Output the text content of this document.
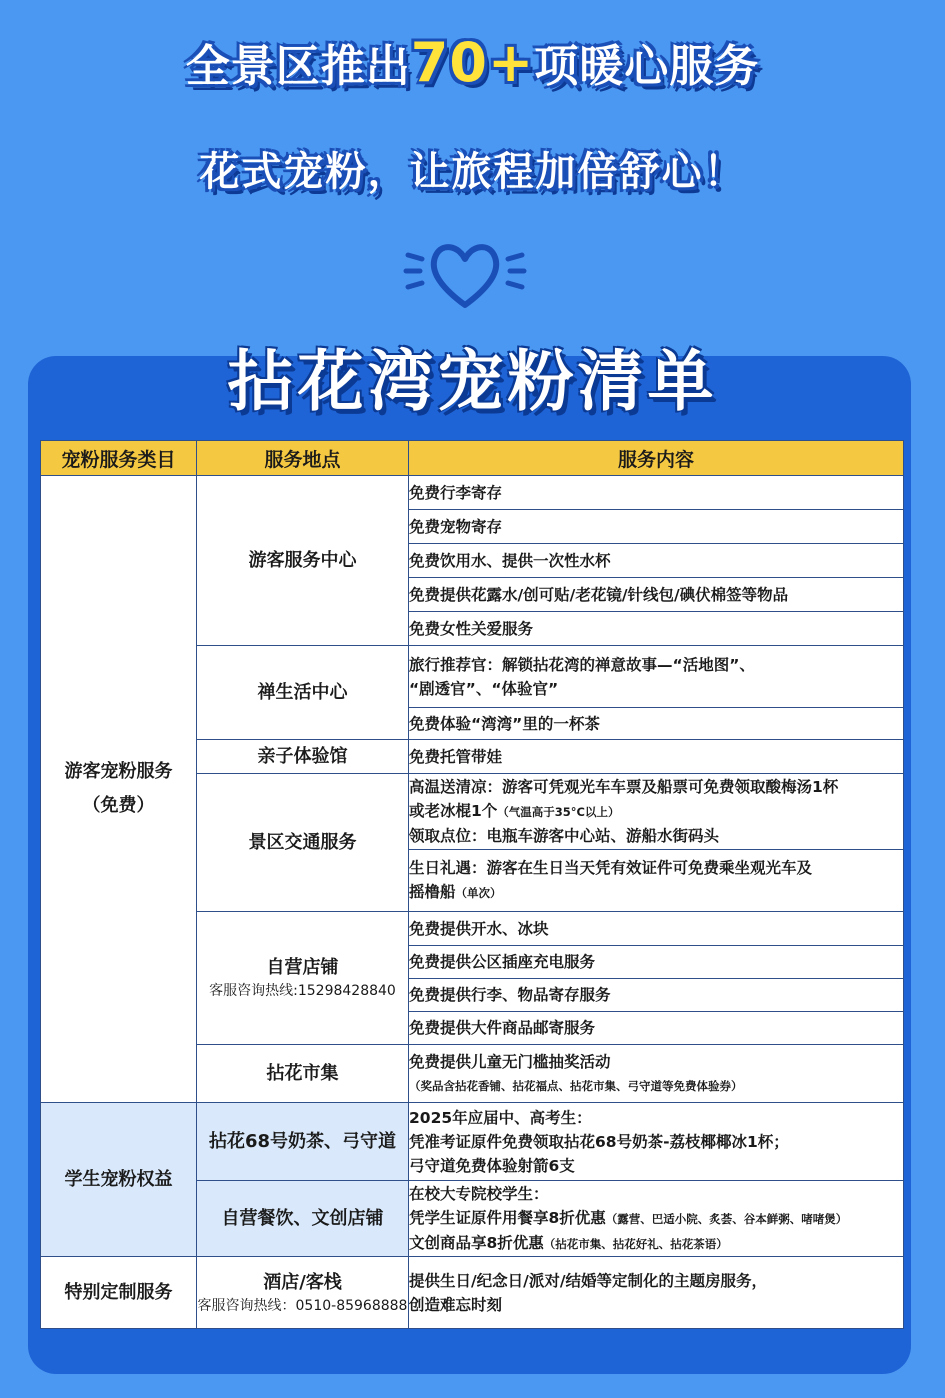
全景区推出70+项暖心服务
花式宠粉，让旅程加倍舒心！
拈花湾宠粉清单
宠粉服务类目	服务地点	服务内容

游客宠粉服务
（免费）	游客服务中心	免费行李寄存
		免费宠物寄存
		免费饮用水、提供一次性水杯
		免费提供花露水/创可贴/老花镜/针线包/碘伏棉签等物品
		免费女性关爱服务
	禅生活中心	旅行推荐官：解锁拈花湾的禅意故事—“活地图”、
“剧透官”、“体验官”

		免费体验“湾湾”里的一杯茶
	亲子体验馆	免费托管带娃
	景区交通服务	高温送清凉：游客可凭观光车车票及船票可免费领取酸梅汤1杯
或老冰棍1个（气温高于35°C以上）
领取点位：电瓶车游客中心站、游船水街码头

		生日礼遇：游客在生日当天凭有效证件可免费乘坐观光车及
摇橹船（单次）

	自营店铺
客服咨询热线:15298428840	免费提供开水、冰块
		免费提供公区插座充电服务
		免费提供行李、物品寄存服务
		免费提供大件商品邮寄服务
	拈花市集	免费提供儿童无门槛抽奖活动
（奖品含拈花香铺、拈花福点、拈花市集、弓守道等免费体验券）

学生宠粉权益	拈花68号奶茶、弓守道	2025年应届中、高考生：
凭准考证原件免费领取拈花68号奶茶-荔枝椰椰冰1杯；
弓守道免费体验射箭6支

	自营餐饮、文创店铺	在校大专院校学生：
凭学生证原件用餐享8折优惠（露营、巴适小院、炙荟、谷本鲜粥、啫啫煲）
文创商品享8折优惠（拈花市集、拈花好礼、拈花茶语）

特别定制服务	酒店/客栈
客服咨询热线：0510-85968888	提供生日/纪念日/派对/结婚等定制化的主题房服务，
创造难忘时刻
